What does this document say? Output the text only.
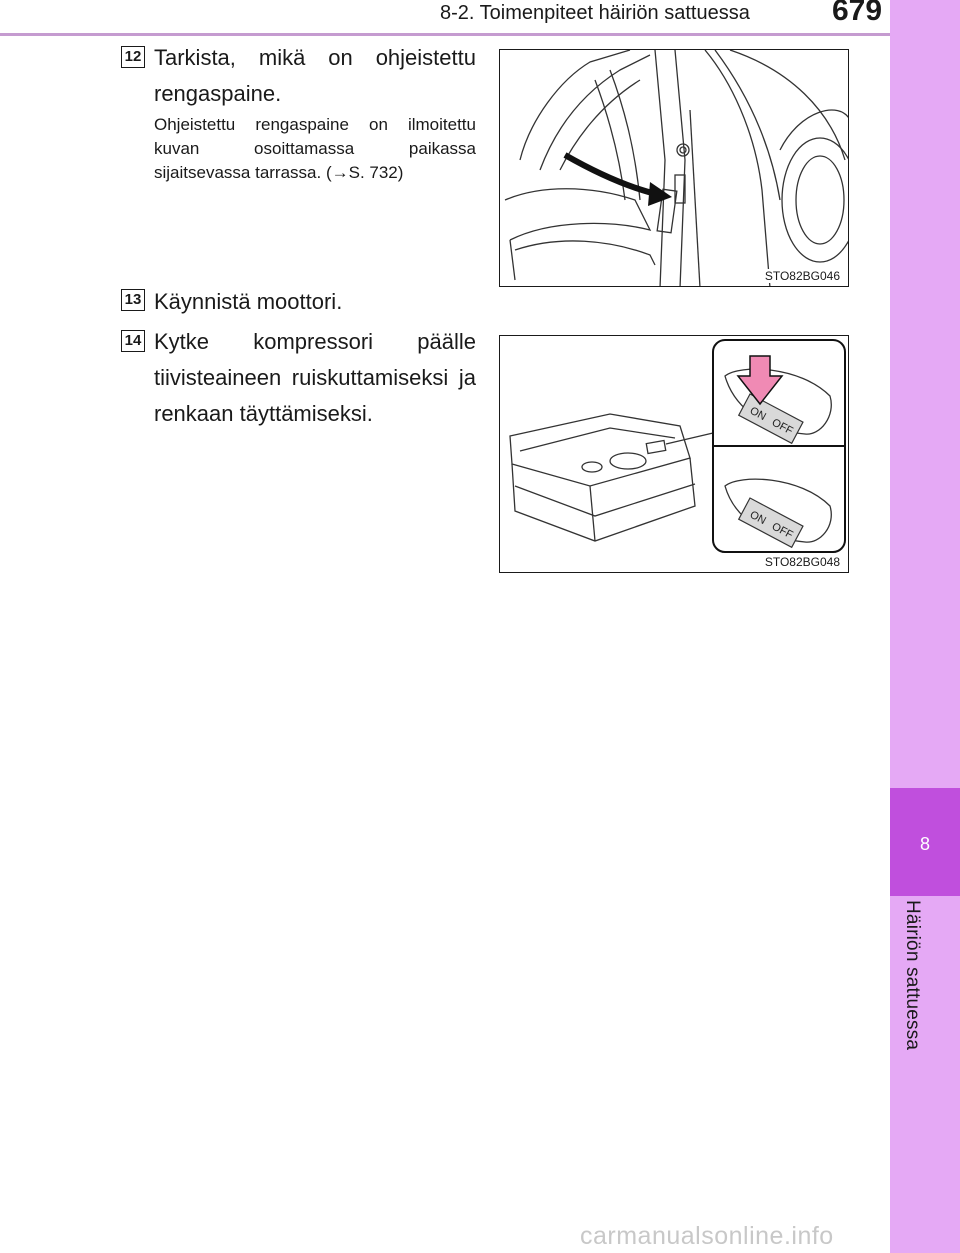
8-2. Toimenpiteet häiriön sattuessa	679
8
Häiriön sattuessa
12 Tarkista, mikä on ohjeistettu rengaspaine.
Ohjeistettu rengaspaine on ilmoitettu kuvan osoittamassa paikassa sijaitsevassa tarrassa. (→S. 732)
STO82BG046
13 Käynnistä moottori.
14 Kytke kompressori päälle tiivisteaineen ruiskuttamiseksi ja renkaan täyttämiseksi.	ON
OFF
ON
OFF
STO82BG048
carmanualsonline.info
